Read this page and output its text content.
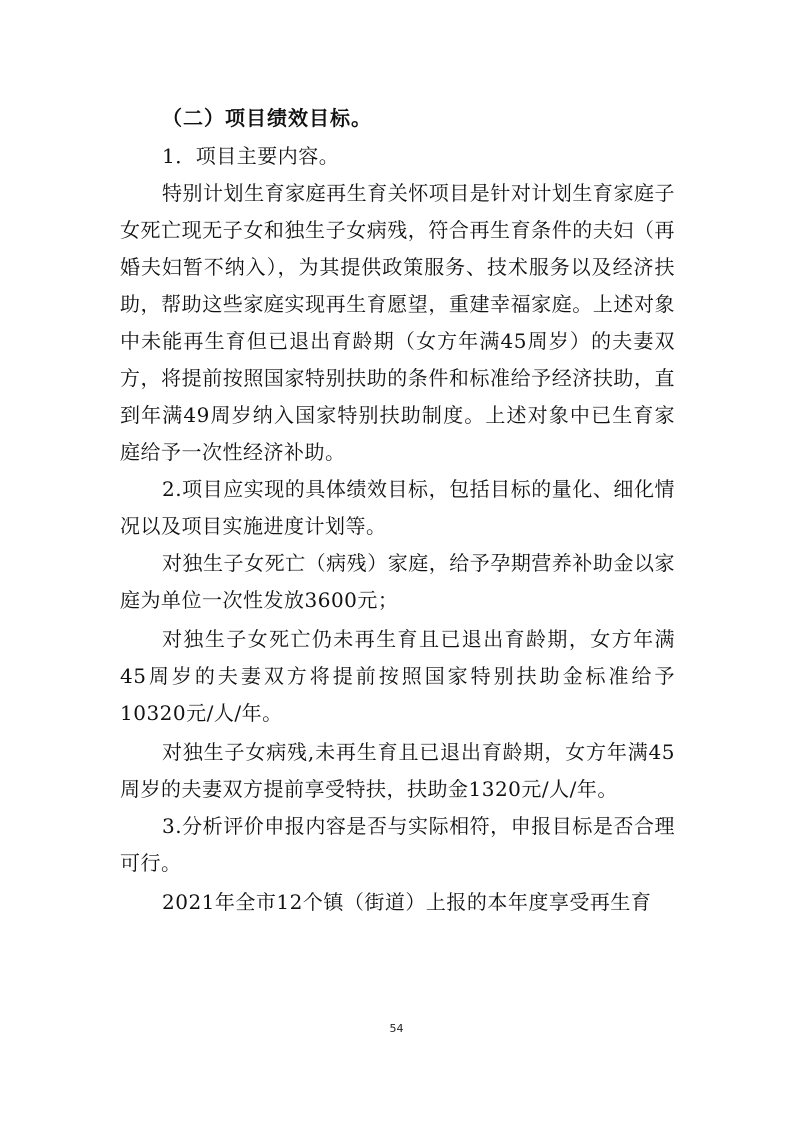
（二）项目绩效目标。

1．项目主要内容。

特别计划生育家庭再生育关怀项目是针对计划生育家庭子女死亡现无子女和独生子女病残，符合再生育条件的夫妇（再婚夫妇暂不纳入），为其提供政策服务、技术服务以及经济扶助，帮助这些家庭实现再生育愿望，重建幸福家庭。上述对象中未能再生育但已退出育龄期（女方年满45周岁）的夫妻双方，将提前按照国家特别扶助的条件和标准给予经济扶助，直到年满49周岁纳入国家特别扶助制度。上述对象中已生育家庭给予一次性经济补助。

2.项目应实现的具体绩效目标，包括目标的量化、细化情况以及项目实施进度计划等。

对独生子女死亡（病残）家庭，给予孕期营养补助金以家庭为单位一次性发放3600元；

对独生子女死亡仍未再生育且已退出育龄期，女方年满45周岁的夫妻双方将提前按照国家特别扶助金标准给予10320元/人/年。

对独生子女病残,未再生育且已退出育龄期，女方年满45周岁的夫妻双方提前享受特扶，扶助金1320元/人/年。

3.分析评价申报内容是否与实际相符，申报目标是否合理可行。

2021年全市12个镇（街道）上报的本年度享受再生育

54
